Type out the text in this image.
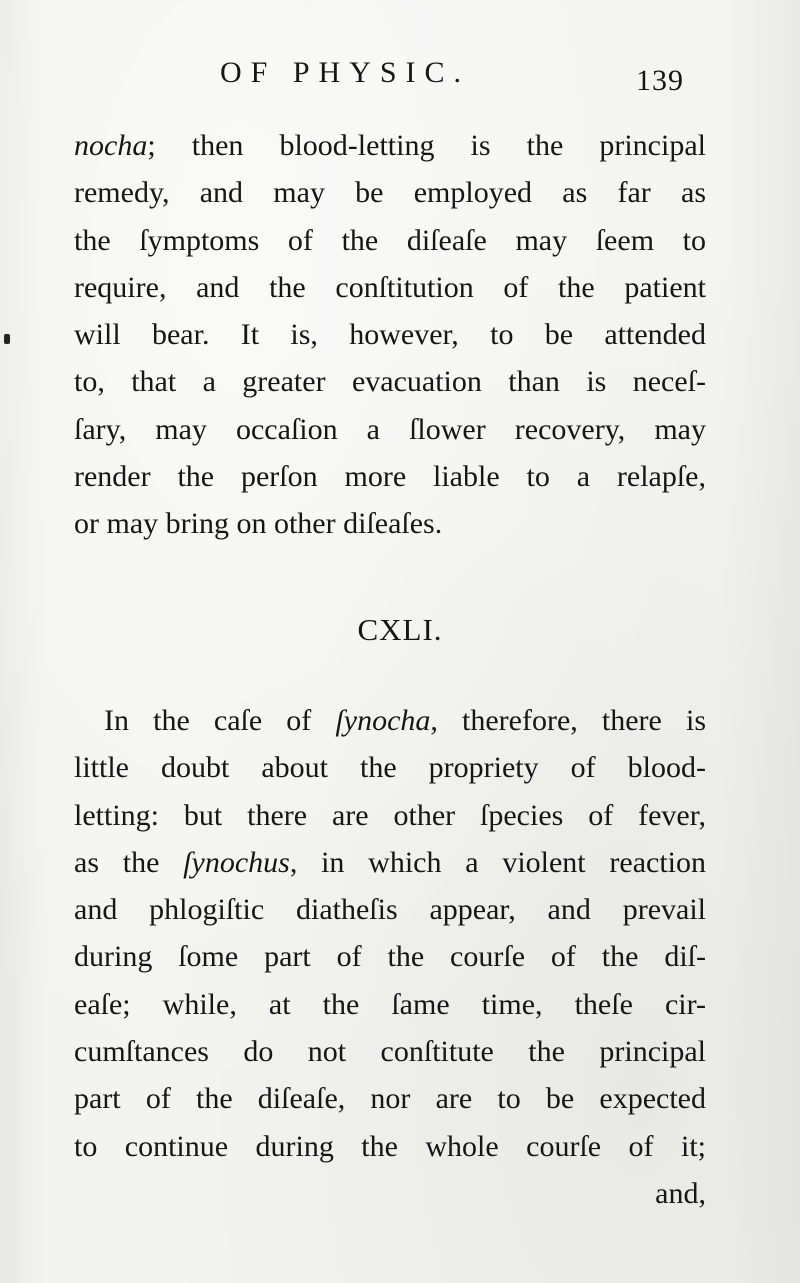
OF PHYSIC.	139
nocha; then blood-letting is the principal
remedy, and may be employed as far as
the ſymptoms of the diſeaſe may ſeem to
require, and the conſtitution of the patient
will bear. It is, however, to be attended
to, that a greater evacuation than is neceſ-
ſary, may occaſion a ſlower recovery, may
render the perſon more liable to a relapſe,
or may bring on other diſeaſes.
CXLI.
In the caſe of ſynocha, therefore, there is
little doubt about the propriety of blood-
letting: but there are other ſpecies of fever,
as the ſynochus, in which a violent reaction
and phlogiſtic diatheſis appear, and prevail
during ſome part of the courſe of the diſ-
eaſe; while, at the ſame time, theſe cir-
cumſtances do not conſtitute the principal
part of the diſeaſe, nor are to be expected
to continue during the whole courſe of it;
and,
